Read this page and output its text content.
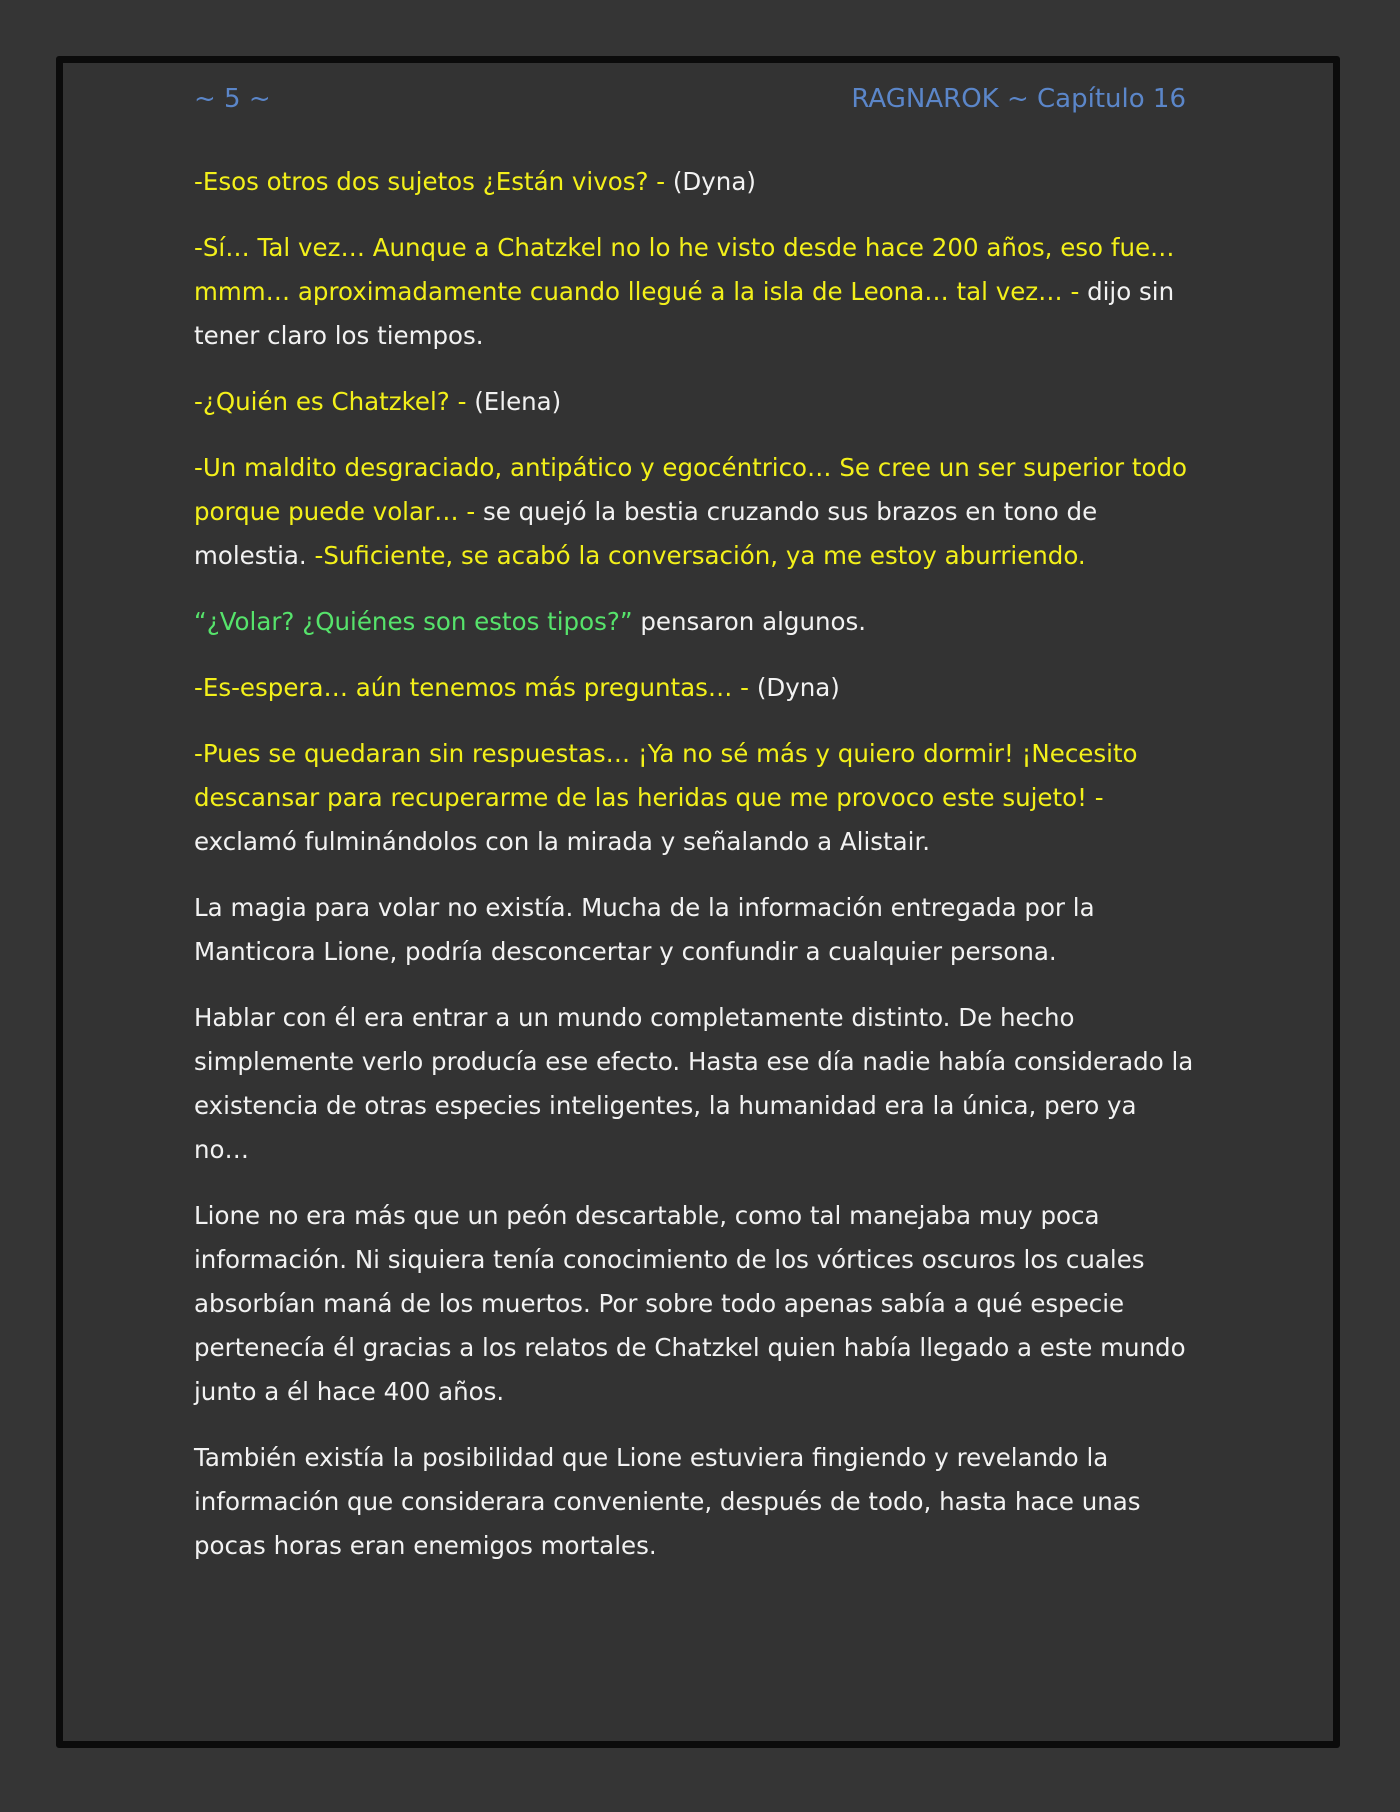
~ 5 ~	RAGNAROK ~ Capítulo 16

-Esos otros dos sujetos ¿Están vivos? - (Dyna)

-Sí… Tal vez… Aunque a Chatzkel no lo he visto desde hace 200 años, eso fue… mmm… aproximadamente cuando llegué a la isla de Leona… tal vez… - dijo sin tener claro los tiempos.

-¿Quién es Chatzkel? - (Elena)

-Un maldito desgraciado, antipático y egocéntrico… Se cree un ser superior todo porque puede volar… - se quejó la bestia cruzando sus brazos en tono de molestia. -Suficiente, se acabó la conversación, ya me estoy aburriendo.

“¿Volar? ¿Quiénes son estos tipos?” pensaron algunos.

-Es-espera… aún tenemos más preguntas… - (Dyna)

-Pues se quedaran sin respuestas… ¡Ya no sé más y quiero dormir! ¡Necesito descansar para recuperarme de las heridas que me provoco este sujeto! - exclamó fulminándolos con la mirada y señalando a Alistair.

La magia para volar no existía. Mucha de la información entregada por la Manticora Lione, podría desconcertar y confundir a cualquier persona.

Hablar con él era entrar a un mundo completamente distinto. De hecho simplemente verlo producía ese efecto. Hasta ese día nadie había considerado la existencia de otras especies inteligentes, la humanidad era la única, pero ya no…

Lione no era más que un peón descartable, como tal manejaba muy poca información. Ni siquiera tenía conocimiento de los vórtices oscuros los cuales absorbían maná de los muertos. Por sobre todo apenas sabía a qué especie pertenecía él gracias a los relatos de Chatzkel quien había llegado a este mundo junto a él hace 400 años.

También existía la posibilidad que Lione estuviera fingiendo y revelando la información que considerara conveniente, después de todo, hasta hace unas pocas horas eran enemigos mortales.
